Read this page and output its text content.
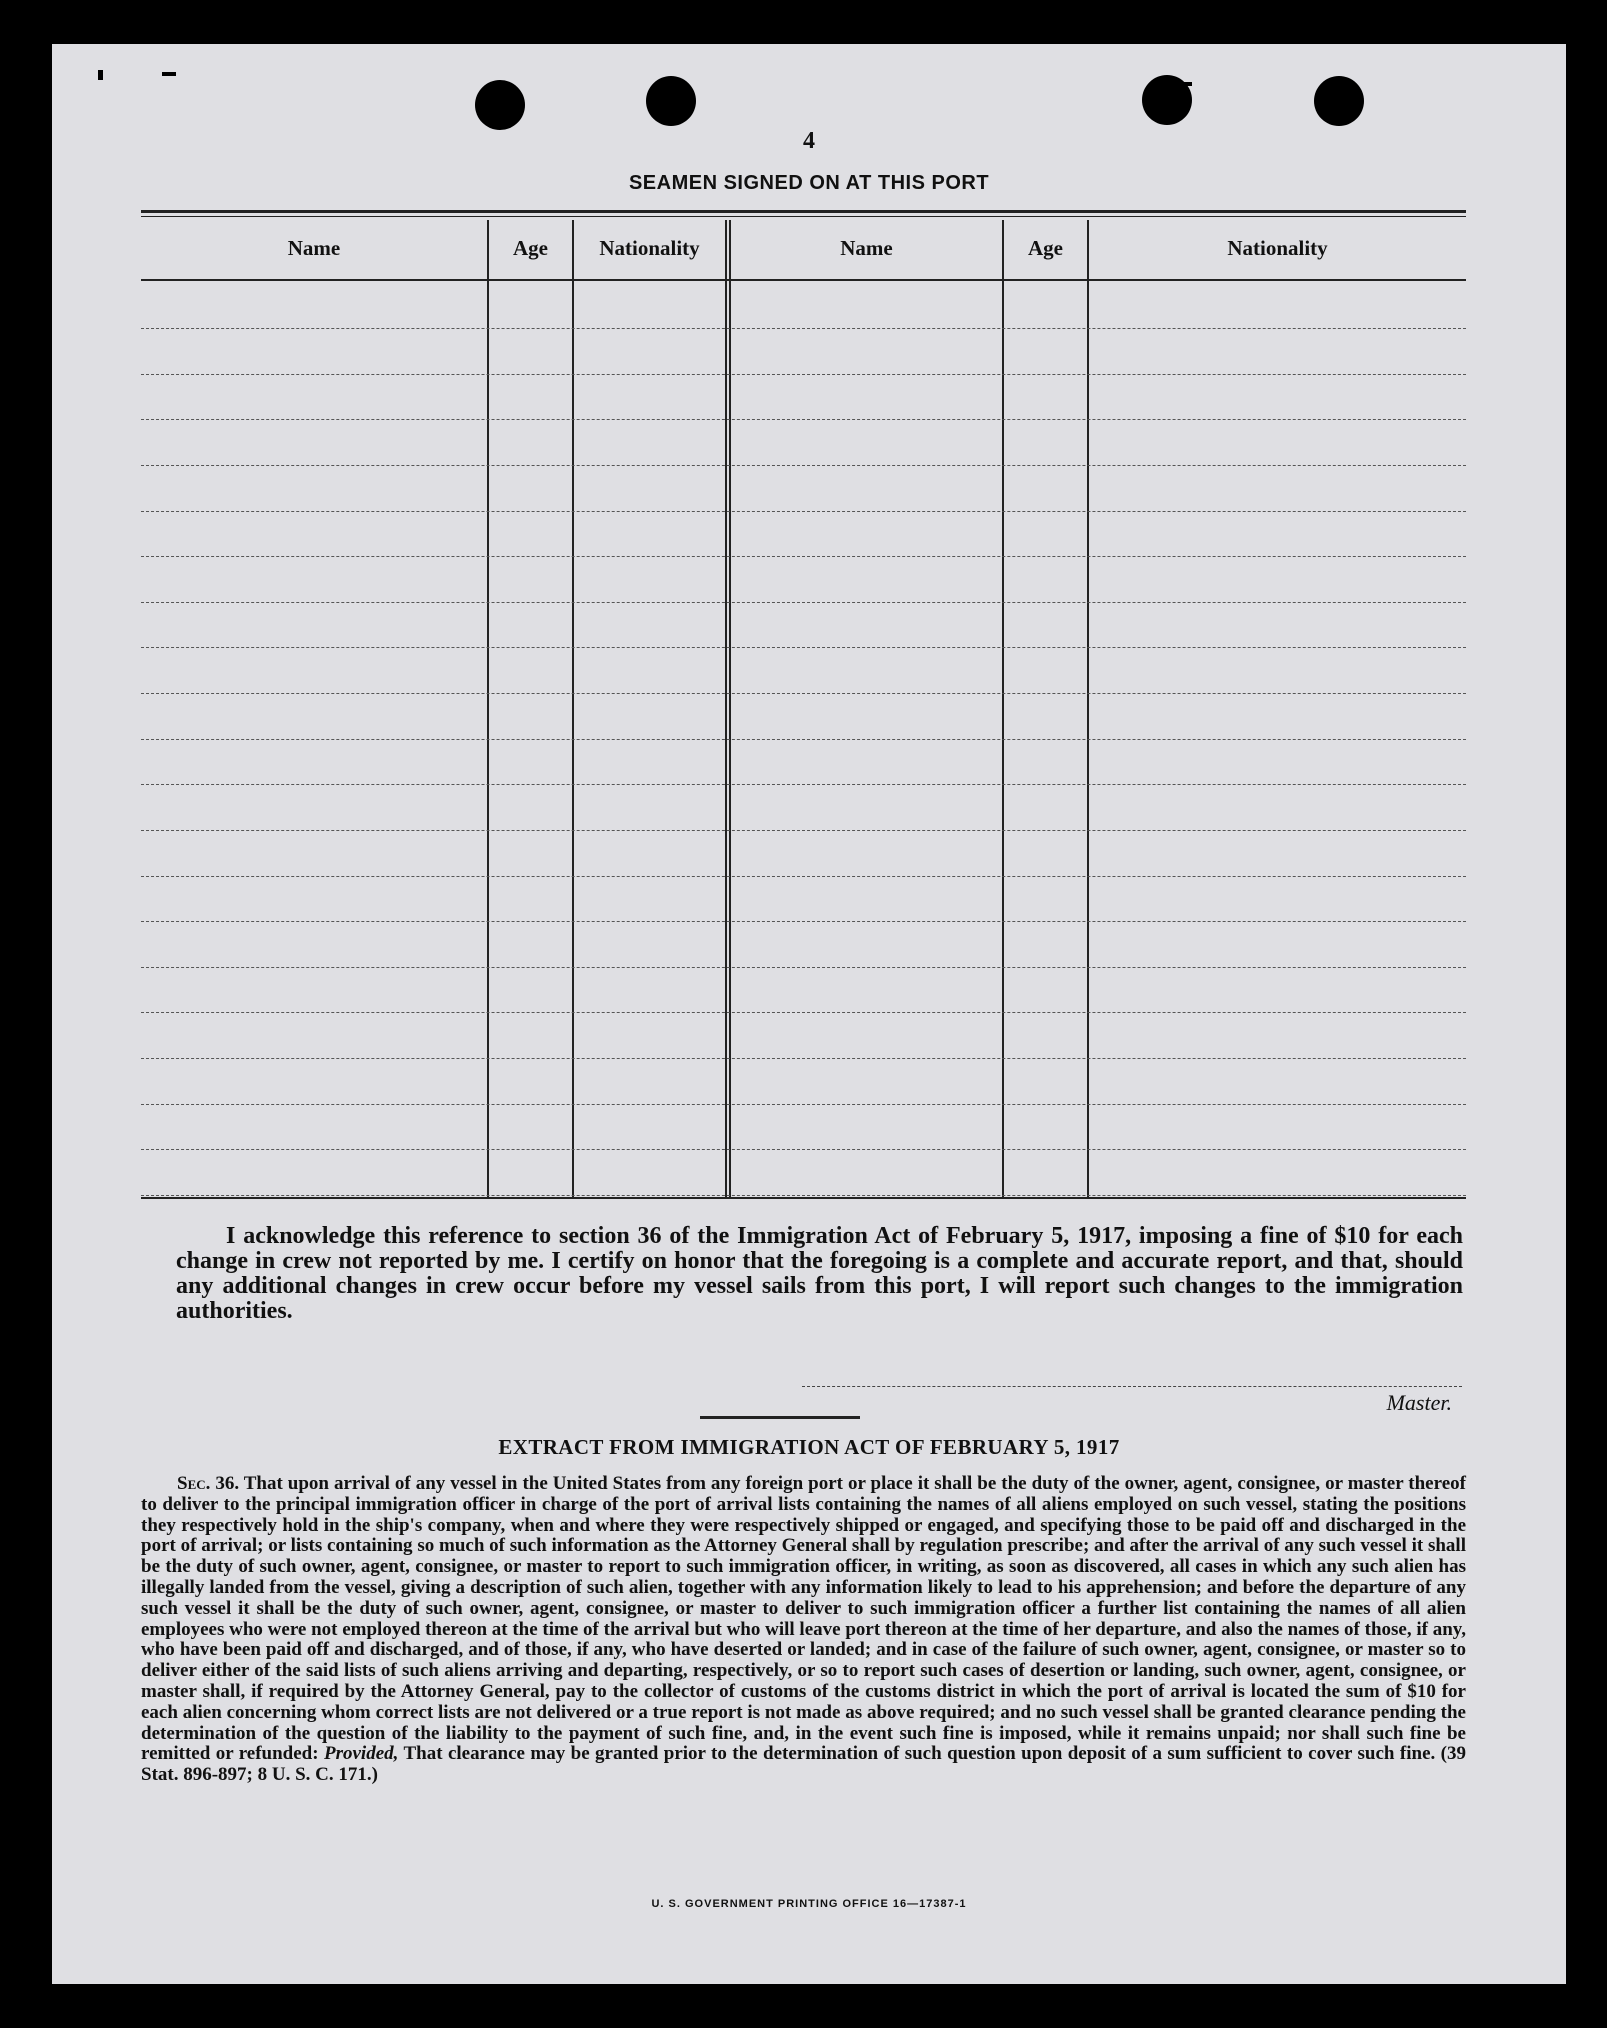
4
SEAMEN SIGNED ON AT THIS PORT
Name	Age	Nationality	Name	Age	Nationality
I acknowledge this reference to section 36 of the Immigration Act of February 5, 1917, imposing a fine of $10 for each change in crew not reported by me. I certify on honor that the foregoing is a complete and accurate report, and that, should any additional changes in crew occur before my vessel sails from this port, I will report such changes to the immigration authorities.
Master.
EXTRACT FROM IMMIGRATION ACT OF FEBRUARY 5, 1917
Sec. 36. That upon arrival of any vessel in the United States from any foreign port or place it shall be the duty of the owner, agent, consignee, or master thereof to deliver to the principal immigration officer in charge of the port of arrival lists containing the names of all aliens employed on such vessel, stating the positions they respectively hold in the ship's company, when and where they were respectively shipped or engaged, and specifying those to be paid off and discharged in the port of arrival; or lists containing so much of such information as the Attorney General shall by regulation prescribe; and after the arrival of any such vessel it shall be the duty of such owner, agent, consignee, or master to report to such immigration officer, in writing, as soon as discovered, all cases in which any such alien has illegally landed from the vessel, giving a description of such alien, together with any information likely to lead to his apprehension; and before the departure of any such vessel it shall be the duty of such owner, agent, consignee, or master to deliver to such immigration officer a further list containing the names of all alien employees who were not employed thereon at the time of the arrival but who will leave port thereon at the time of her departure, and also the names of those, if any, who have been paid off and discharged, and of those, if any, who have deserted or landed; and in case of the failure of such owner, agent, consignee, or master so to deliver either of the said lists of such aliens arriving and departing, respectively, or so to report such cases of desertion or landing, such owner, agent, consignee, or master shall, if required by the Attorney General, pay to the collector of customs of the customs district in which the port of arrival is located the sum of $10 for each alien concerning whom correct lists are not delivered or a true report is not made as above required; and no such vessel shall be granted clearance pending the determination of the question of the liability to the payment of such fine, and, in the event such fine is imposed, while it remains unpaid; nor shall such fine be remitted or refunded: Provided, That clearance may be granted prior to the determination of such question upon deposit of a sum sufficient to cover such fine. (39 Stat. 896-897; 8 U. S. C. 171.)
U. S. GOVERNMENT PRINTING OFFICE 16—17387-1
